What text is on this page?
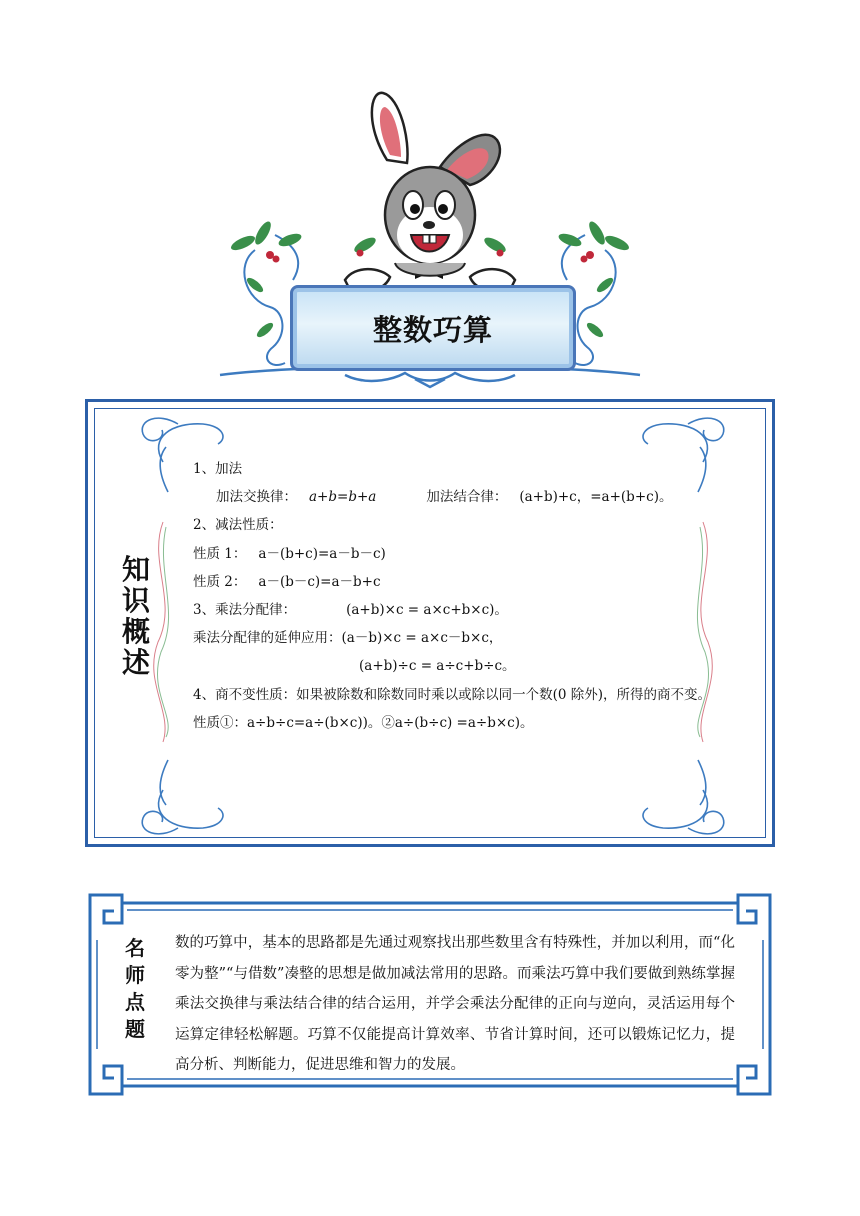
整数巧算
知
识
概
述

1、加法

加法交换律： a+b=b+a	加法结合律： (a+b)+c，=a+(b+c)。

2、减法性质：

性质 1： a－(b+c)=a－b－c)

性质 2： a－(b－c)=a－b+c

3、乘法分配律：	(a+b)×c = a×c+b×c)。

乘法分配律的延伸应用：(a－b)×c = a×c－b×c，

(a+b)÷c = a÷c+b÷c。

4、商不变性质：如果被除数和除数同时乘以或除以同一个数(0 除外)，所得的商不变。

性质①：a÷b÷c=a÷(b×c))。②a÷(b÷c) =a÷b×c)。

名
师
点
题
数的巧算中，基本的思路都是先通过观察找出那些数里含有特殊性，并加以利用，而“化零为整”“与借数”凑整的思想是做加减法常用的思路。而乘法巧算中我们要做到熟练掌握乘法交换律与乘法结合律的结合运用，并学会乘法分配律的正向与逆向，灵活运用每个运算定律轻松解题。巧算不仅能提高计算效率、节省计算时间，还可以锻炼记忆力，提高分析、判断能力，促进思维和智力的发展。
